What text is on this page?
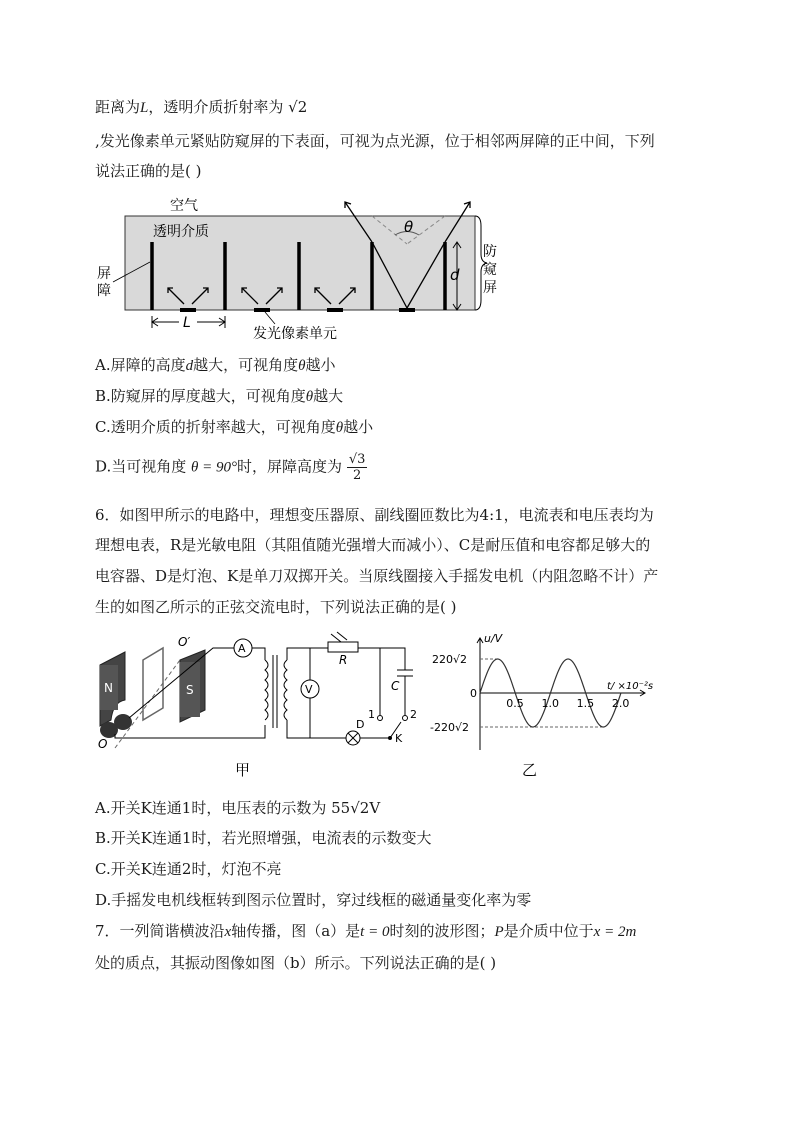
距离为L，透明介质折射率为 √2
,发光像素单元紧贴防窥屏的下表面，可视为点光源，位于相邻两屏障的正中间，下列
说法正确的是( )
θ
d
防
窥
屏
空气
透明介质
屏
障
L
发光像素单元
A.屏障的高度d越大，可视角度θ越小
B.防窥屏的厚度越大，可视角度θ越大
C.透明介质的折射率越大，可视角度θ越小
D.当可视角度 θ = 90°时，屏障高度为 $\frac{√3}{2}$
6．如图甲所示的电路中，理想变压器原、副线圈匝数比为4:1，电流表和电压表均为
理想电表，R是光敏电阻（其阻值随光强增大而减小）、C是耐压值和电容都足够大的
电容器、D是灯泡、K是单刀双掷开关。当原线圈接入手摇发电机（内阻忽略不计）产
生的如图乙所示的正弦交流电时，下列说法正确的是( )
N	S
O′
O
A
V
R
1
C
2
D
K
甲
0.5 1.0 1.5 2.0
0
220√2
-220√2
u/V
t/ ×10⁻²s
乙
A.开关K连通1时，电压表的示数为 55√2V
B.开关K连通1时，若光照增强，电流表的示数变大
C.开关K连通2时，灯泡不亮
D.手摇发电机线框转到图示位置时，穿过线框的磁通量变化率为零
7．一列简谐横波沿x轴传播，图（a）是t = 0时刻的波形图；P是介质中位于x = 2m
处的质点，其振动图像如图（b）所示。下列说法正确的是( )
